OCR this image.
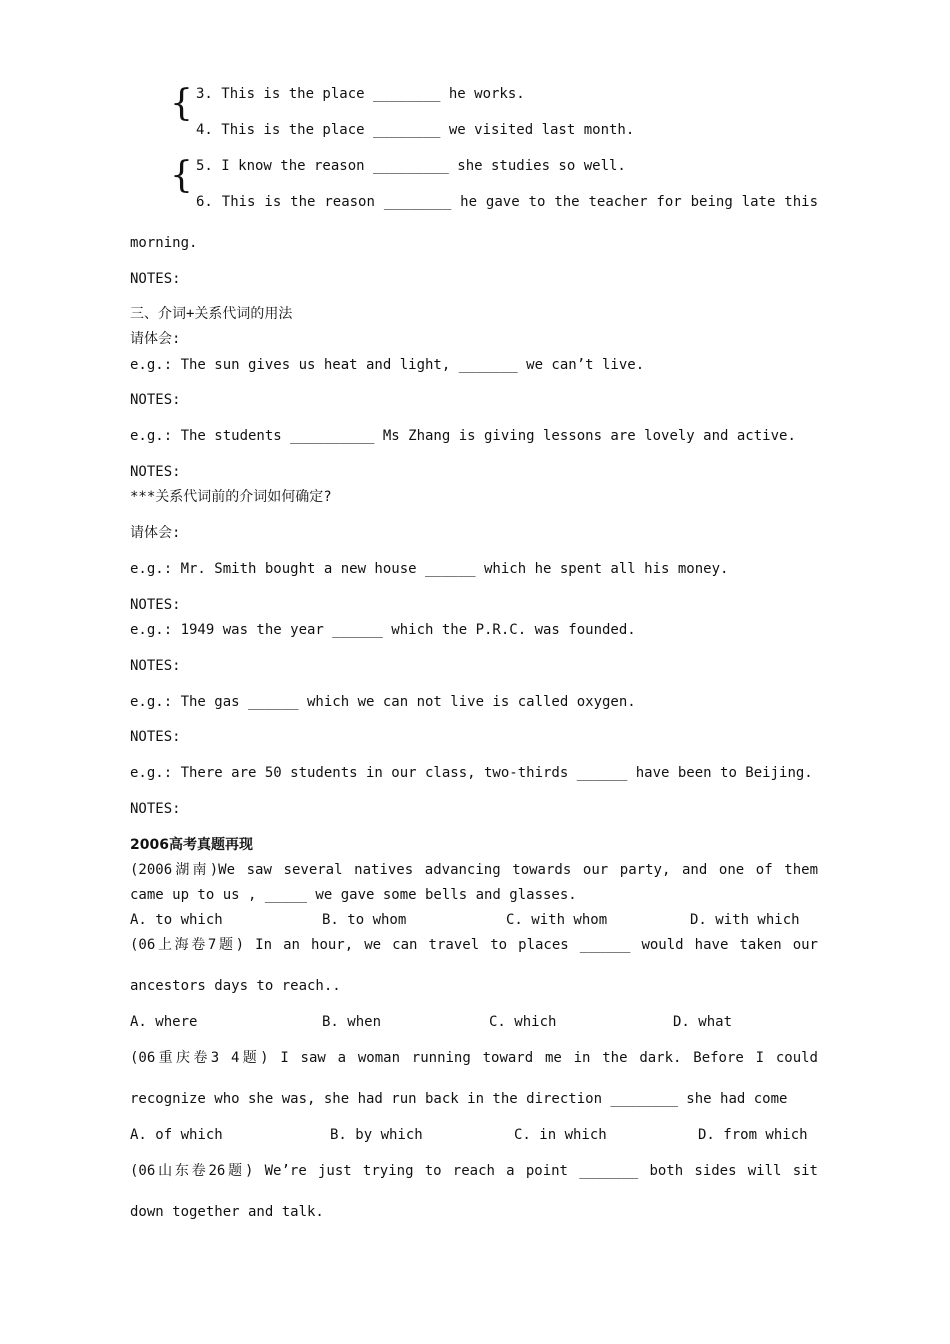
{
{
3. This is the place ________ he works.
4. This is the place ________ we visited last month.
5. I know the reason _________ she studies so well.
6. This is the reason ________ he gave to the teacher for being late this
morning.
NOTES:
三、介词+关系代词的用法
请体会:
e.g.: The sun gives us heat and light, _______ we can’t live.
NOTES:
e.g.: The students __________ Ms Zhang is giving lessons are lovely and active.
NOTES:
***关系代词前的介词如何确定?
请体会:
e.g.: Mr. Smith bought a new house ______ which he spent all his money.
NOTES:
e.g.: 1949 was the year ______ which the P.R.C. was founded.
NOTES:
e.g.: The gas ______ which we can not live is called oxygen.
NOTES:
e.g.: There are 50 students in our class, two-thirds ______ have been to Beijing.
NOTES:
2006高考真题再现
(2006湖南)We saw several natives advancing towards our party, and one of them
came up to us , _____ we gave some bells and glasses.
A. to which	B. to whom	C. with whom	D. with which
(06上海卷7题) In an hour, we can travel to places ______ would have taken our
ancestors days to reach..
A. where	B. when	C. which	D. what
(06重庆卷3 4题) I saw a woman running toward me in the dark. Before I could
recognize who she was, she had run back in the direction ________ she had come
A. of which	B. by which	C. in which	D. from which
(06山东卷26题) We’re just trying to reach a point _______ both sides will sit
down together and talk.
